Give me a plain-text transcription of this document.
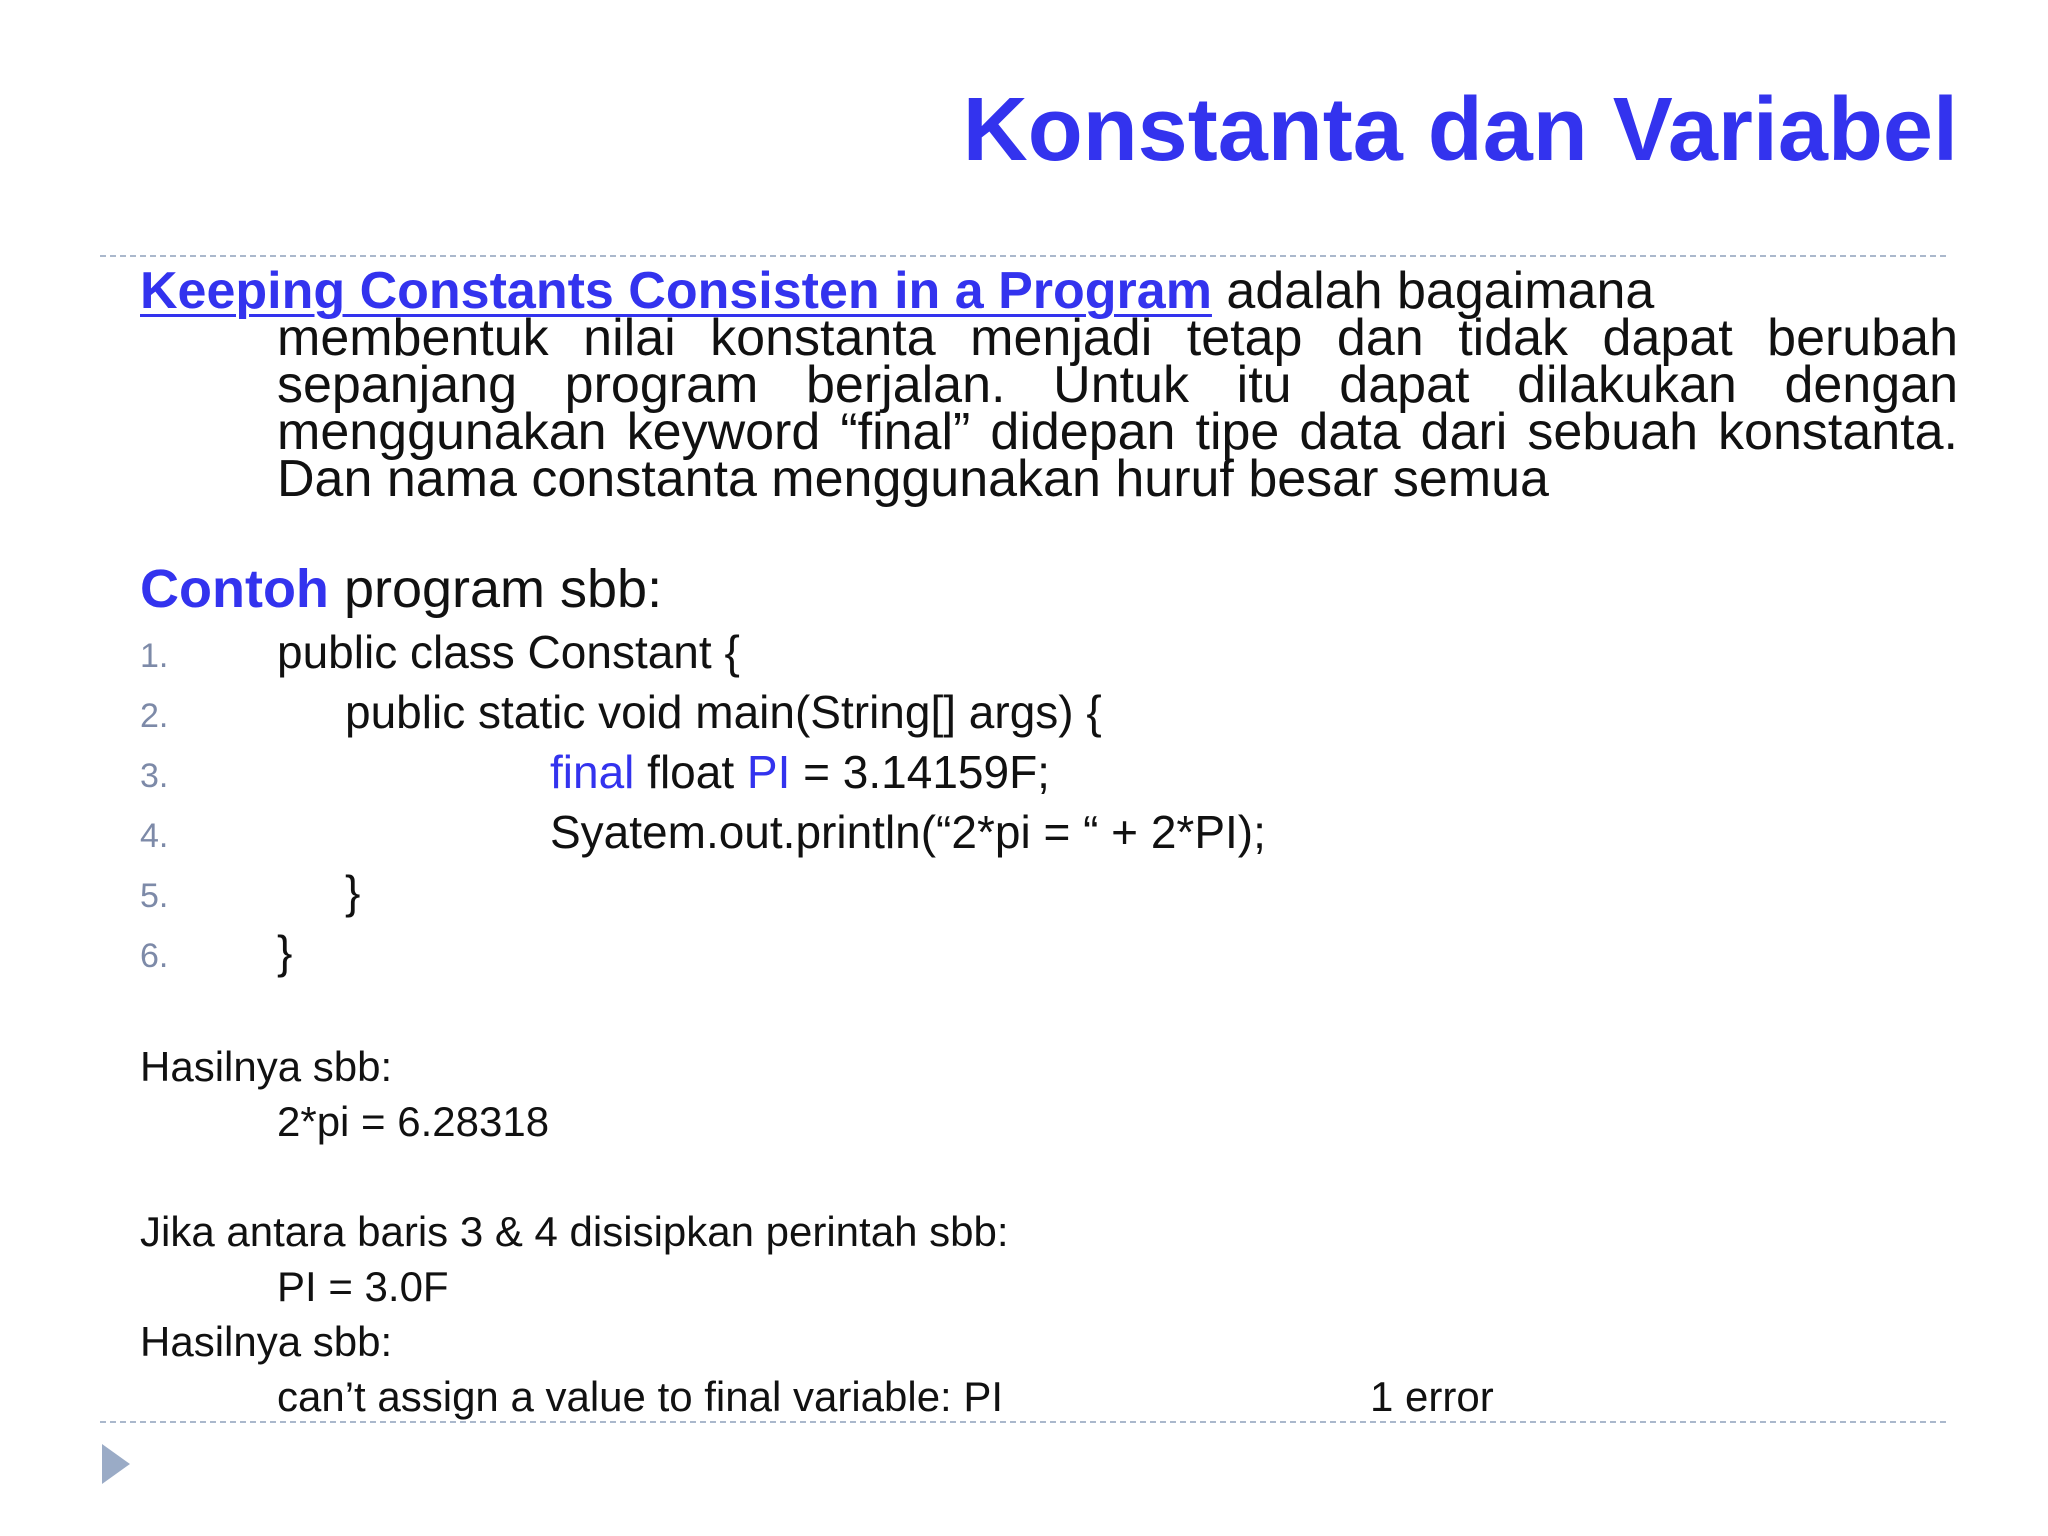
Konstanta dan Variabel

Keeping Constants Consisten in a Program adalah bagaimana
membentuk nilai konstanta menjadi tetap dan tidak dapat berubah sepanjang program berjalan. Untuk itu dapat dilakukan dengan menggunakan keyword “final” didepan tipe data dari sebuah konstanta. Dan nama constanta menggunakan huruf besar semua

Contoh program sbb:

1.

public class Constant {

2.

	public static void main(String[] args) {

3.

	final float PI = 3.14159F;

4.

	Syatem.out.println(“2*pi = “ + 2*PI);

5.

	}

6.

}

Hasilnya sbb:

2*pi = 6.28318

Jika antara baris 3 & 4 disisipkan perintah sbb:

PI = 3.0F

Hasilnya sbb:

can’t assign a value to final variable: PI	1 error
